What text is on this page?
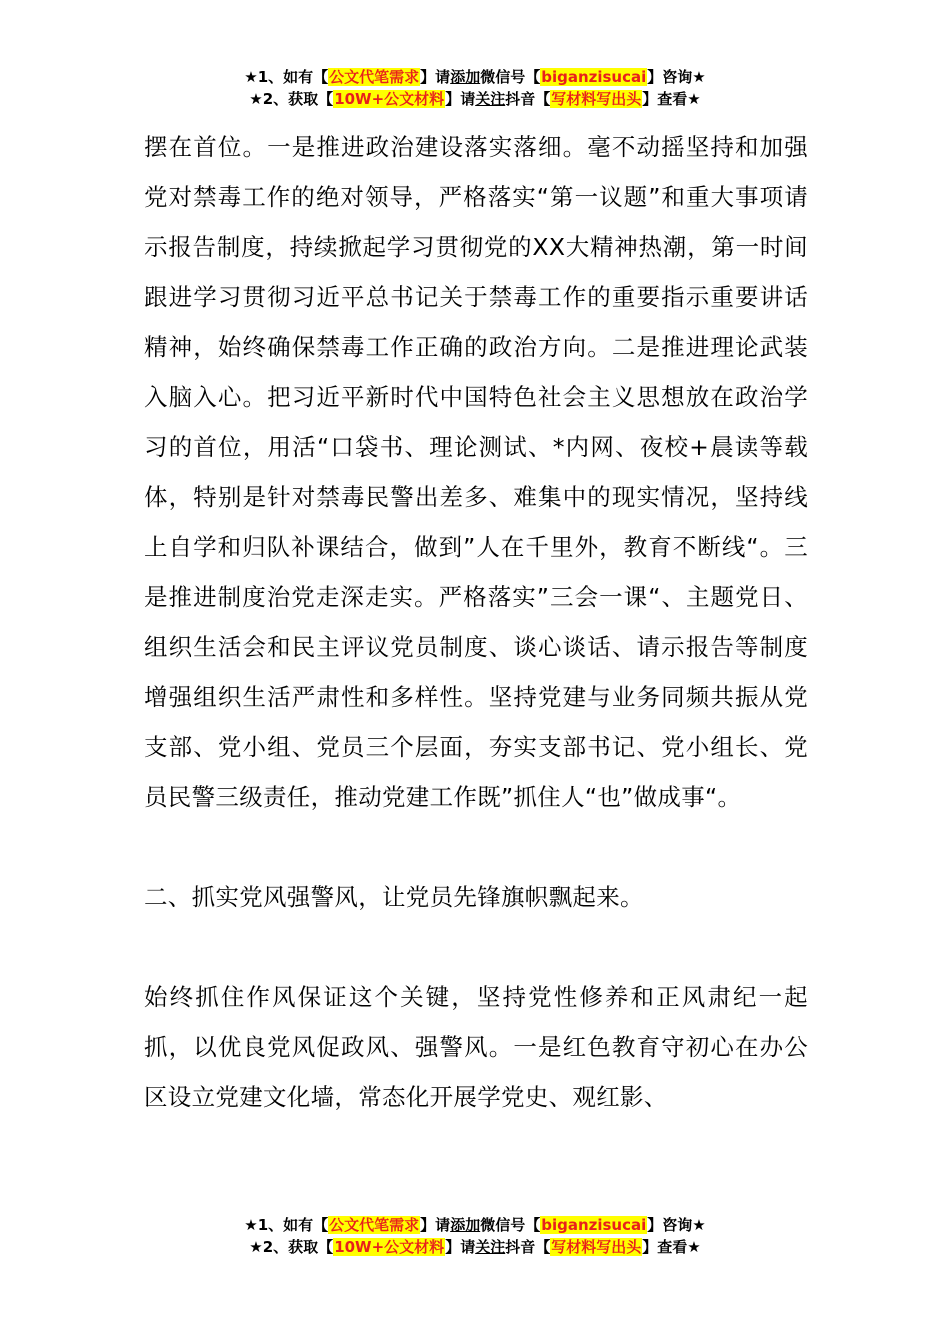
★1、如有【公文代笔需求】请添加微信号【biganzisucai】咨询★
★2、获取【10W+公文材料】请关注抖音【写材料写出头】查看★

摆在首位。一是推进政治建设落实落细。毫不动摇坚持和加强党对禁毒工作的绝对领导，严格落实“第一议题”和重大事项请示报告制度，持续掀起学习贯彻党的XX大精神热潮，第一时间跟进学习贯彻习近平总书记关于禁毒工作的重要指示重要讲话精神，始终确保禁毒工作正确的政治方向。二是推进理论武装入脑入心。把习近平新时代中国特色社会主义思想放在政治学习的首位，用活“口袋书、理论测试、*内网、夜校+晨读等载体，特别是针对禁毒民警出差多、难集中的现实情况，坚持线上自学和归队补课结合，做到”人在千里外，教育不断线“。三是推进制度治党走深走实。严格落实”三会一课“、主题党日、组织生活会和民主评议党员制度、谈心谈话、请示报告等制度增强组织生活严肃性和多样性。坚持党建与业务同频共振从党支部、党小组、党员三个层面，夯实支部书记、党小组长、党员民警三级责任，推动党建工作既”抓住人“也”做成事“。

二、抓实党风强警风，让党员先锋旗帜飘起来。

始终抓住作风保证这个关键，坚持党性修养和正风肃纪一起抓，以优良党风促政风、强警风。一是红色教育守初心在办公区设立党建文化墙，常态化开展学党史、观红影、

★1、如有【公文代笔需求】请添加微信号【biganzisucai】咨询★
★2、获取【10W+公文材料】请关注抖音【写材料写出头】查看★
